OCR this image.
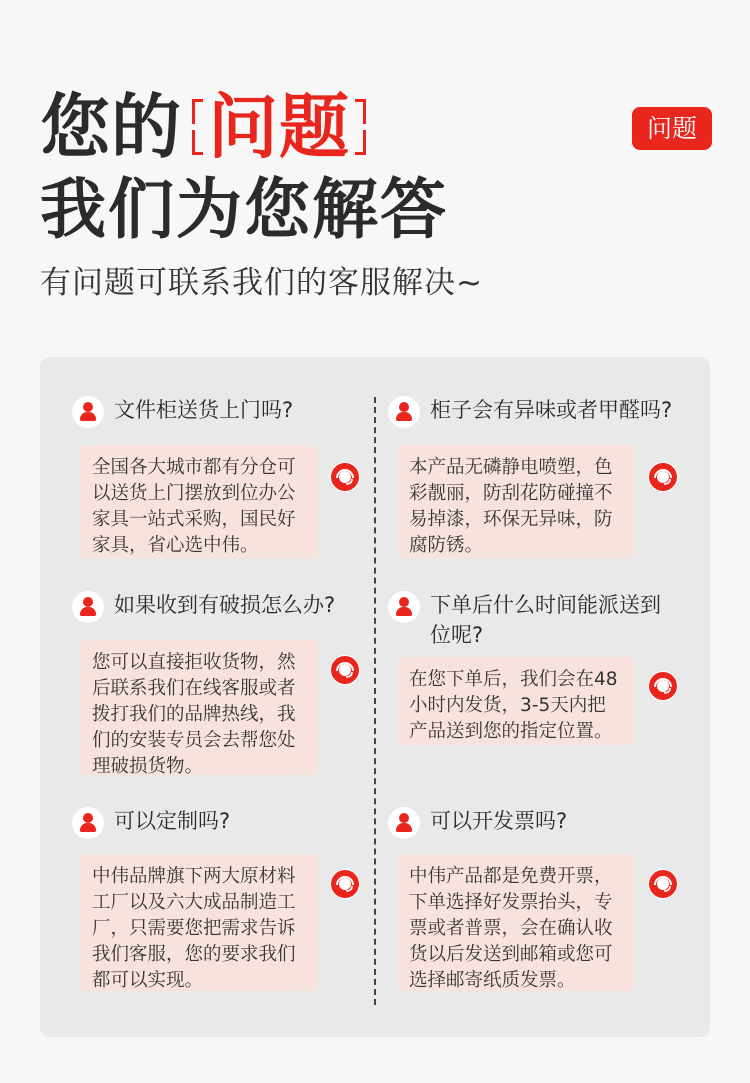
您的 问题
我们为您解答
有问题可联系我们的客服解决~
问题
文件柜送货上门吗?
全国各大城市都有分仓可以送货上门摆放到位办公家具一站式采购，国民好家具，省心选中伟。
柜子会有异味或者甲醛吗?
本产品无磷静电喷塑，色彩靓丽，防刮花防碰撞不易掉漆，环保无异味，防腐防锈。
如果收到有破损怎么办?
您可以直接拒收货物，然后联系我们在线客服或者拨打我们的品牌热线，我们的安装专员会去帮您处理破损货物。
下单后什么时间能派送到位呢?
在您下单后，我们会在48小时内发货，3-5天内把产品送到您的指定位置。
可以定制吗?
中伟品牌旗下两大原材料工厂以及六大成品制造工厂，只需要您把需求告诉我们客服，您的要求我们都可以实现。
可以开发票吗?
中伟产品都是免费开票，下单选择好发票抬头，专票或者普票，会在确认收货以后发送到邮箱或您可选择邮寄纸质发票。
